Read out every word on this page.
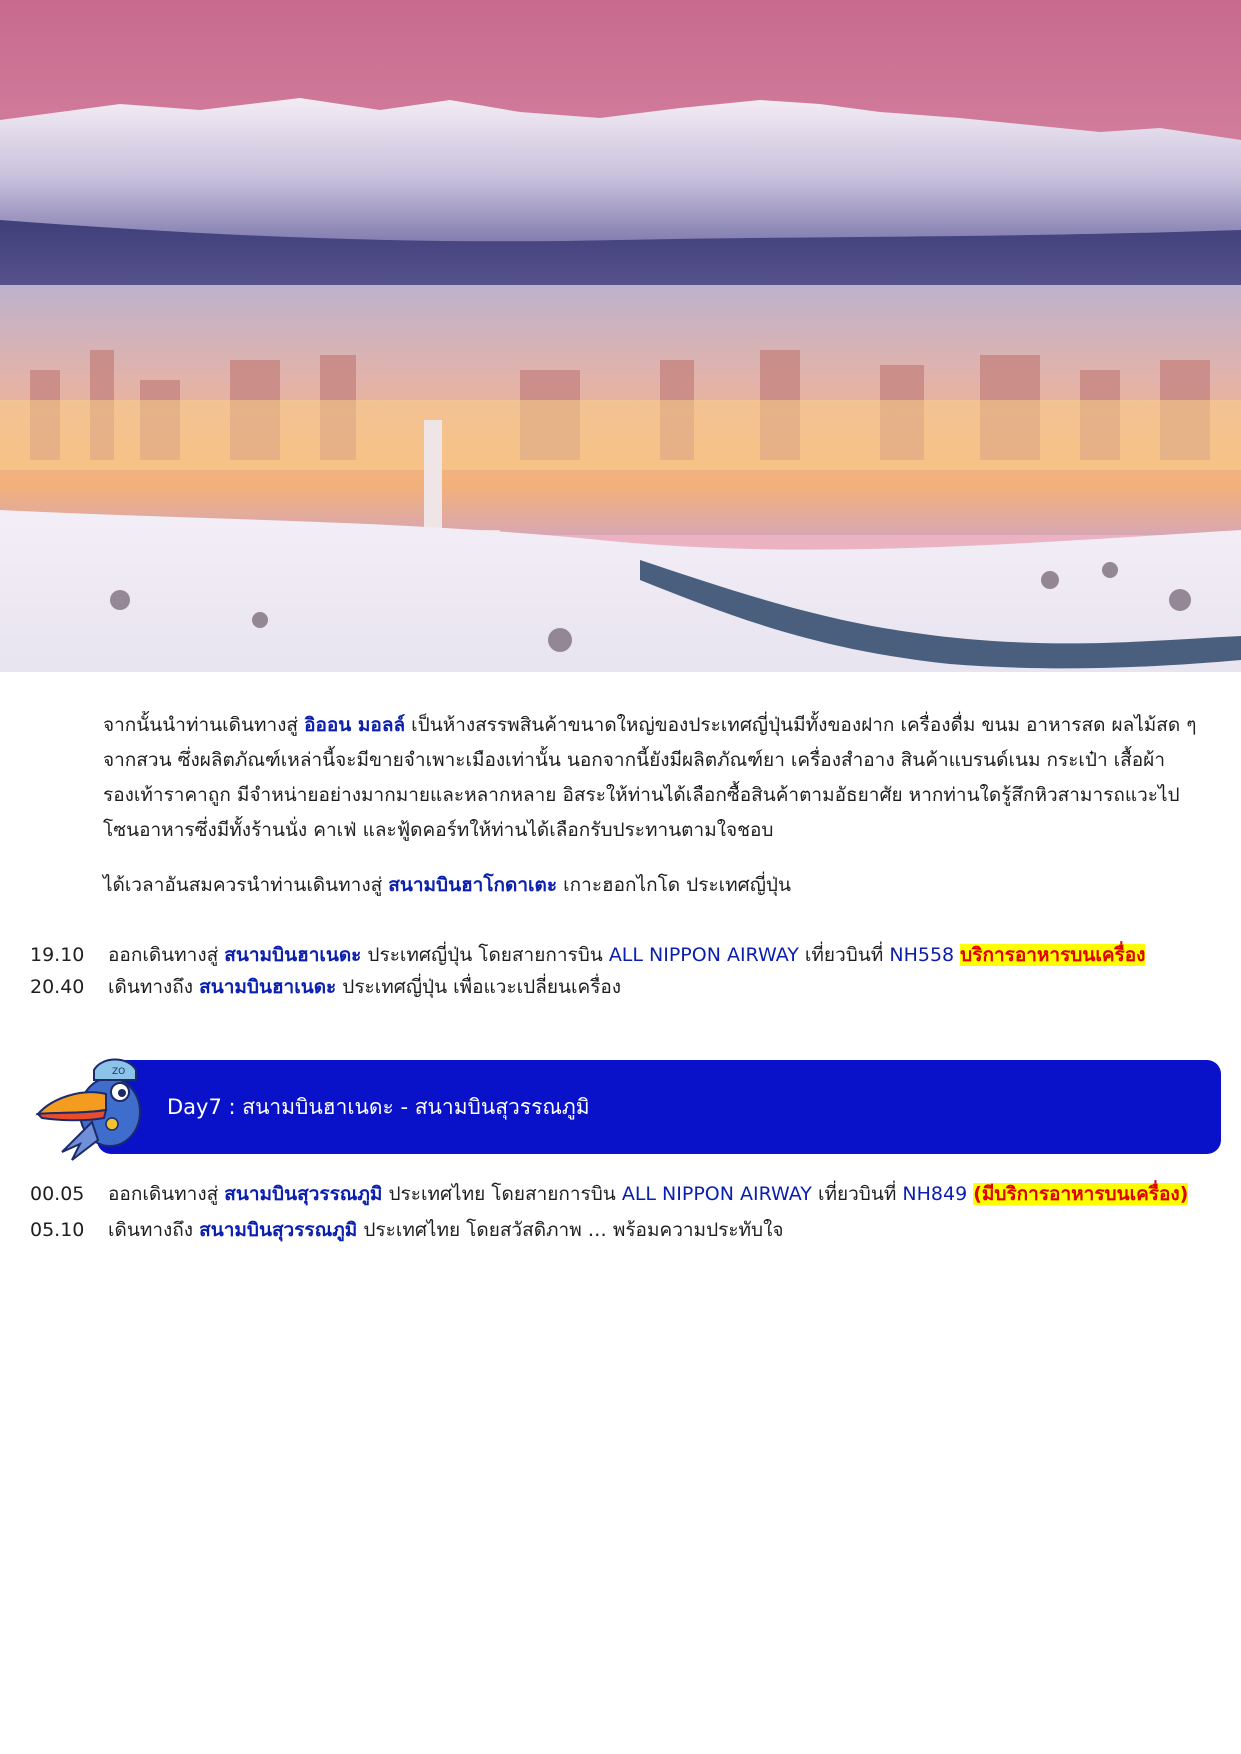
จากนั้นนำท่านเดินทางสู่ อิออน มอลล์ เป็นห้างสรรพสินค้าขนาดใหญ่ของประเทศญี่ปุ่นมีทั้งของฝาก เครื่องดื่ม ขนม อาหารสด ผลไม้สด ๆ จากสวน ซึ่งผลิตภัณฑ์เหล่านี้จะมีขายจำเพาะเมืองเท่านั้น นอกจากนี้ยังมีผลิตภัณฑ์ยา เครื่องสำอาง สินค้าแบรนด์เนม กระเป๋า เสื้อผ้า รองเท้าราคาถูก มีจำหน่ายอย่างมากมายและหลากหลาย อิสระให้ท่านได้เลือกซื้อสินค้าตามอัธยาศัย หากท่านใดรู้สึกหิวสามารถแวะไปโซนอาหารซึ่งมีทั้งร้านนั่ง คาเฟ่ และฟู้ดคอร์ทให้ท่านได้เลือกรับประทานตามใจชอบ
ได้เวลาอันสมควรนำท่านเดินทางสู่ สนามบินฮาโกดาเตะ เกาะฮอกไกโด ประเทศญี่ปุ่น
19.10 ออกเดินทางสู่ สนามบินฮาเนดะ ประเทศญี่ปุ่น โดยสายการบิน ALL NIPPON AIRWAY เที่ยวบินที่ NH558 บริการอาหารบนเครื่อง
20.40 เดินทางถึง สนามบินฮาเนดะ ประเทศญี่ปุ่น เพื่อแวะเปลี่ยนเครื่อง
Day7 : สนามบินฮาเนดะ - สนามบินสุวรรณภูมิ
ZO
00.05 ออกเดินทางสู่ สนามบินสุวรรณภูมิ ประเทศไทย โดยสายการบิน ALL NIPPON AIRWAY เที่ยวบินที่ NH849 (มีบริการอาหารบนเครื่อง)
05.10 เดินทางถึง สนามบินสุวรรณภูมิ ประเทศไทย โดยสวัสดิภาพ … พร้อมความประทับใจ
